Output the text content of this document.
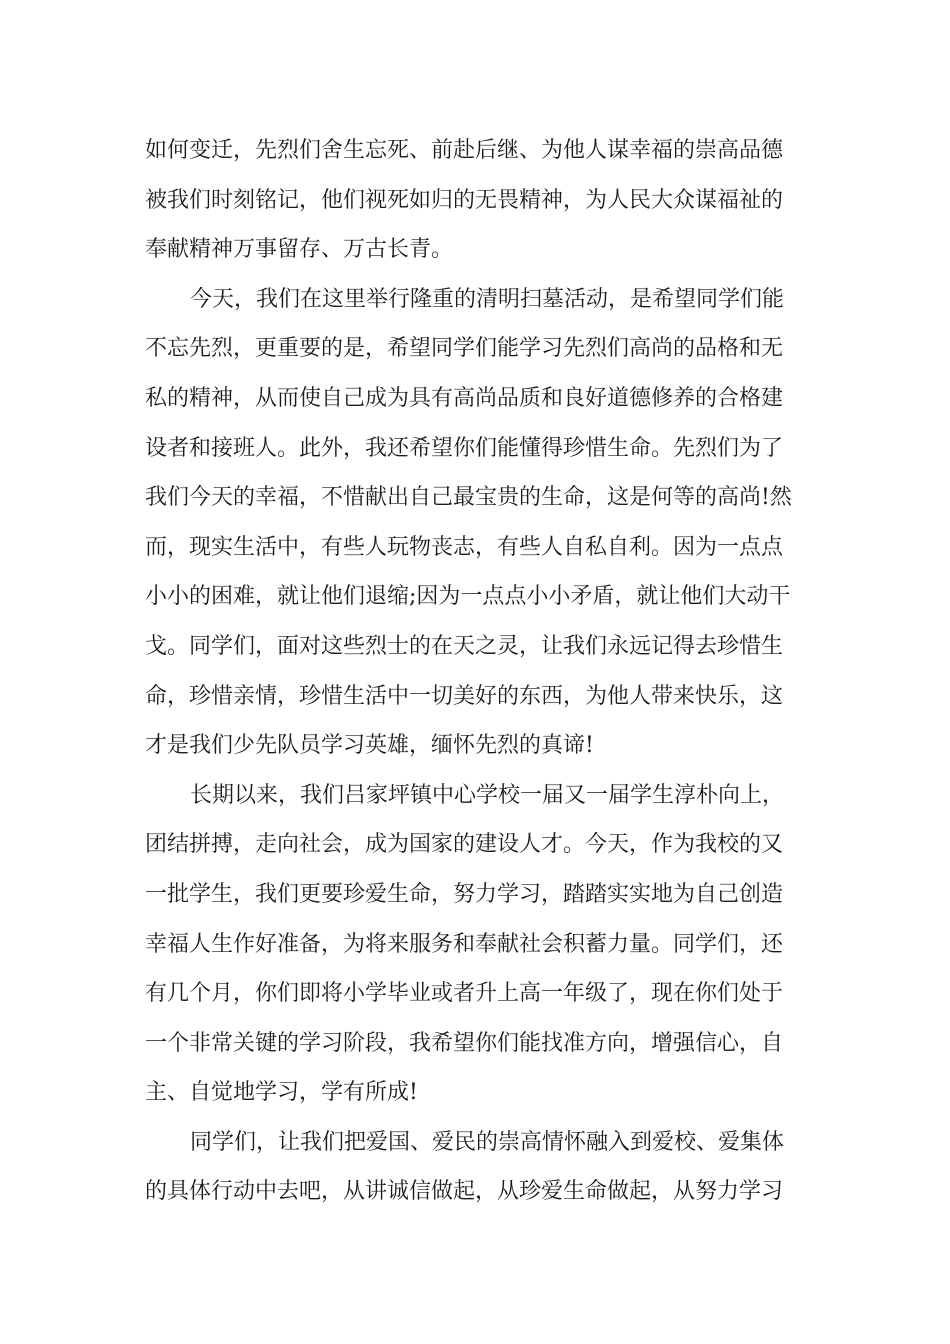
如何变迁，先烈们舍生忘死、前赴后继、为他人谋幸福的崇高品德
被我们时刻铭记，他们视死如归的无畏精神，为人民大众谋福祉的
奉献精神万事留存、万古长青。
今天，我们在这里举行隆重的清明扫墓活动，是希望同学们能
不忘先烈，更重要的是，希望同学们能学习先烈们高尚的品格和无
私的精神，从而使自己成为具有高尚品质和良好道德修养的合格建
设者和接班人。此外，我还希望你们能懂得珍惜生命。先烈们为了
我们今天的幸福，不惜献出自己最宝贵的生命，这是何等的高尚!然
而，现实生活中，有些人玩物丧志，有些人自私自利。因为一点点
小小的困难，就让他们退缩;因为一点点小小矛盾，就让他们大动干
戈。同学们，面对这些烈士的在天之灵，让我们永远记得去珍惜生
命，珍惜亲情，珍惜生活中一切美好的东西，为他人带来快乐，这
才是我们少先队员学习英雄，缅怀先烈的真谛!
长期以来，我们吕家坪镇中心学校一届又一届学生淳朴向上，
团结拼搏，走向社会，成为国家的建设人才。今天，作为我校的又
一批学生，我们更要珍爱生命，努力学习，踏踏实实地为自己创造
幸福人生作好准备，为将来服务和奉献社会积蓄力量。同学们，还
有几个月，你们即将小学毕业或者升上高一年级了，现在你们处于
一个非常关键的学习阶段，我希望你们能找准方向，增强信心，自
主、自觉地学习，学有所成!
同学们，让我们把爱国、爱民的崇高情怀融入到爱校、爱集体
的具体行动中去吧，从讲诚信做起，从珍爱生命做起，从努力学习
